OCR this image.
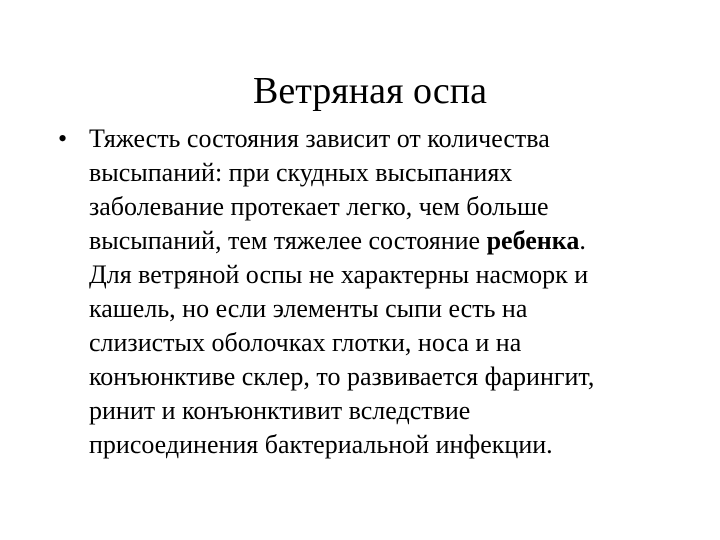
Ветряная оспа
• Тяжесть состояния зависит от количества
высыпаний: при скудных высыпаниях
заболевание протекает легко, чем больше
высыпаний, тем тяжелее состояние ребенка.
Для ветряной оспы не характерны насморк и
кашель, но если элементы сыпи есть на
слизистых оболочках глотки, носа и на
конъюнктиве склер, то развивается фарингит,
ринит и конъюнктивит вследствие
присоединения бактериальной инфекции.
